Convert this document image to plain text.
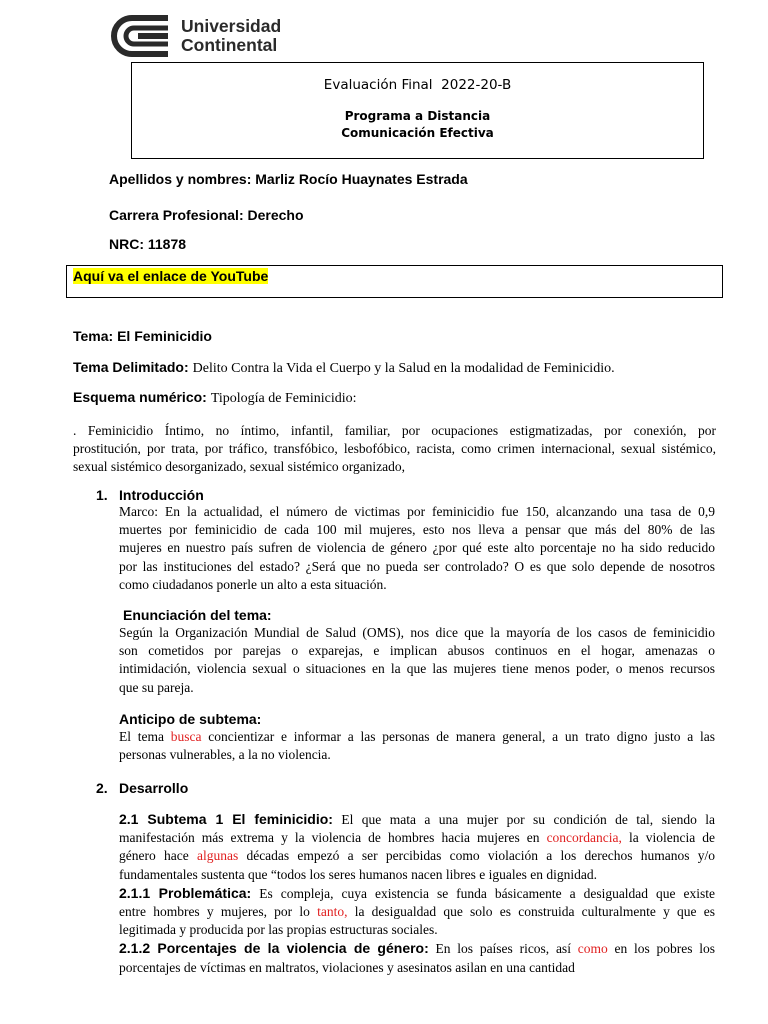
Universidad
Continental
Evaluación Final  2022-20-B
Programa a Distancia
Comunicación Efectiva
Apellidos y nombres: Marliz Rocío Huaynates Estrada
Carrera Profesional: Derecho
NRC: 11878
Aquí va el enlace de YouTube
Tema: El Feminicidio
Tema Delimitado: Delito Contra la Vida el Cuerpo y la Salud en la modalidad de Feminicidio.
Esquema numérico: Tipología de Feminicidio:
. Feminicidio Íntimo, no íntimo, infantil, familiar, por ocupaciones estigmatizadas, por conexión, por
prostitución, por trata, por tráfico, transfóbico, lesbofóbico, racista, como crimen internacional, sexual sistémico,
sexual sistémico desorganizado, sexual sistémico organizado,
1. Introducción
Marco: En la actualidad, el número de victimas por feminicidio fue 150, alcanzando una tasa de 0,9
muertes por feminicidio de cada 100 mil mujeres, esto nos lleva a pensar que más del 80% de las
mujeres en nuestro país sufren de violencia de género ¿por qué este alto porcentaje no ha sido reducido
por las instituciones del estado? ¿Será que no pueda ser controlado? O es que solo depende de nosotros
como ciudadanos ponerle un alto a esta situación.
Enunciación del tema:
Según la Organización Mundial de Salud (OMS), nos dice que la mayoría de los casos de feminicidio
son cometidos por parejas o exparejas, e implican abusos continuos en el hogar, amenazas o
intimidación, violencia sexual o situaciones en la que las mujeres tiene menos poder, o menos recursos
que su pareja.
Anticipo de subtema:
El tema busca concientizar e informar a las personas de manera general, a un trato digno justo a las
personas vulnerables, a la no violencia.
2. Desarrollo
2.1 Subtema 1 El feminicidio: El que mata a una mujer por su condición de tal, siendo la
manifestación más extrema y la violencia de hombres hacia mujeres en concordancia, la violencia de
género hace algunas décadas empezó a ser percibidas como violación a los derechos humanos y/o
fundamentales sustenta que “todos los seres humanos nacen libres e iguales en dignidad.
2.1.1 Problemática: Es compleja, cuya existencia se funda básicamente a desigualdad que existe
entre hombres y mujeres, por lo tanto, la desigualdad que solo es construida culturalmente y que es
legitimada y producida por las propias estructuras sociales.
2.1.2 Porcentajes de la violencia de género: En los países ricos, así como en los pobres los
porcentajes de víctimas en maltratos, violaciones y asesinatos asilan en una cantidad
